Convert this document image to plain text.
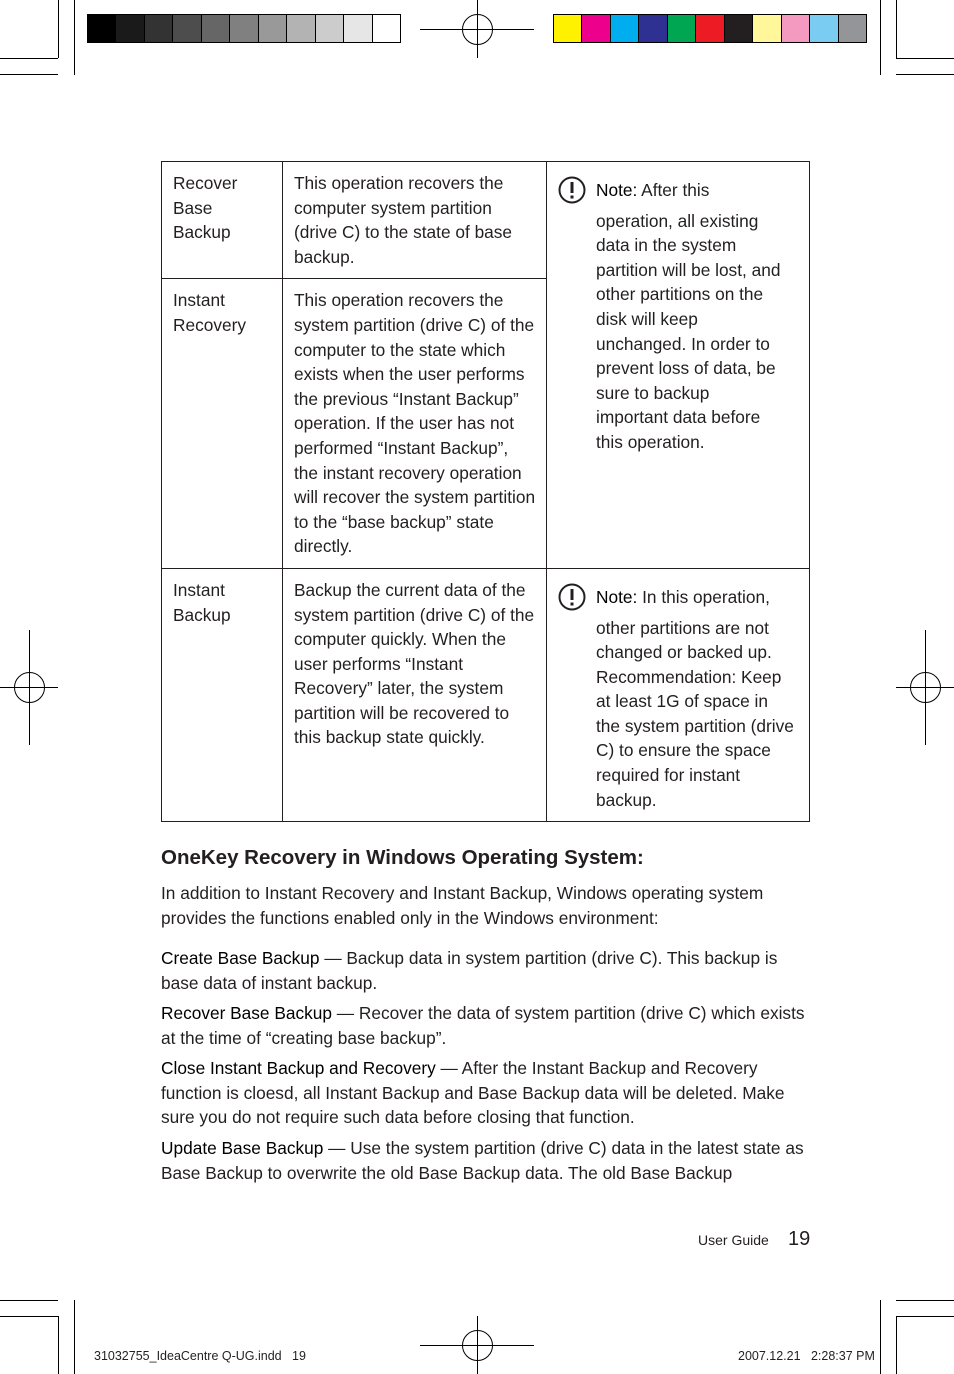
Recover Base Backup	This operation recovers the computer system partition (drive C) to the state of base backup.	Note: After this
operation, all existing data in the system partition will be lost, and other partitions on the disk will keep unchanged. In order to prevent loss of data, be sure to backup important data before this operation.

Instant Recovery	This operation recovers the system partition (drive C) of the computer to the state which exists when the user performs the previous “Instant Backup” operation. If the user has not performed “Instant Backup”, the instant recovery operation will recover the system partition to the “base backup” state directly.	

Instant Backup	Backup the current data of the system partition (drive C) of the computer quickly. When the user performs “Instant Recovery” later, the system partition will be recovered to this backup state quickly.	Note: In this operation,
other partitions are not changed or backed up. Recommendation: Keep at least 1G of space in the system partition (drive C) to ensure the space required for instant backup.
OneKey Recovery in Windows Operating System:

In addition to Instant Recovery and Instant Backup, Windows operating system provides the functions enabled only in the Windows environment:

Create Base Backup — Backup data in system partition (drive C). This backup is base data of instant backup.

Recover Base Backup — Recover the data of system partition (drive C) which exists at the time of “creating base backup”.

Close Instant Backup and Recovery — After the Instant Backup and Recovery function is cloesd, all Instant Backup and Base Backup data will be deleted. Make sure you do not require such data before closing that function.

Update Base Backup — Use the system partition (drive C) data in the latest state as Base Backup to overwrite the old Base Backup data. The old Base Backup

User Guide 19
31032755_IdeaCentre Q-UG.indd   19	2007.12.21   2:28:37 PM
